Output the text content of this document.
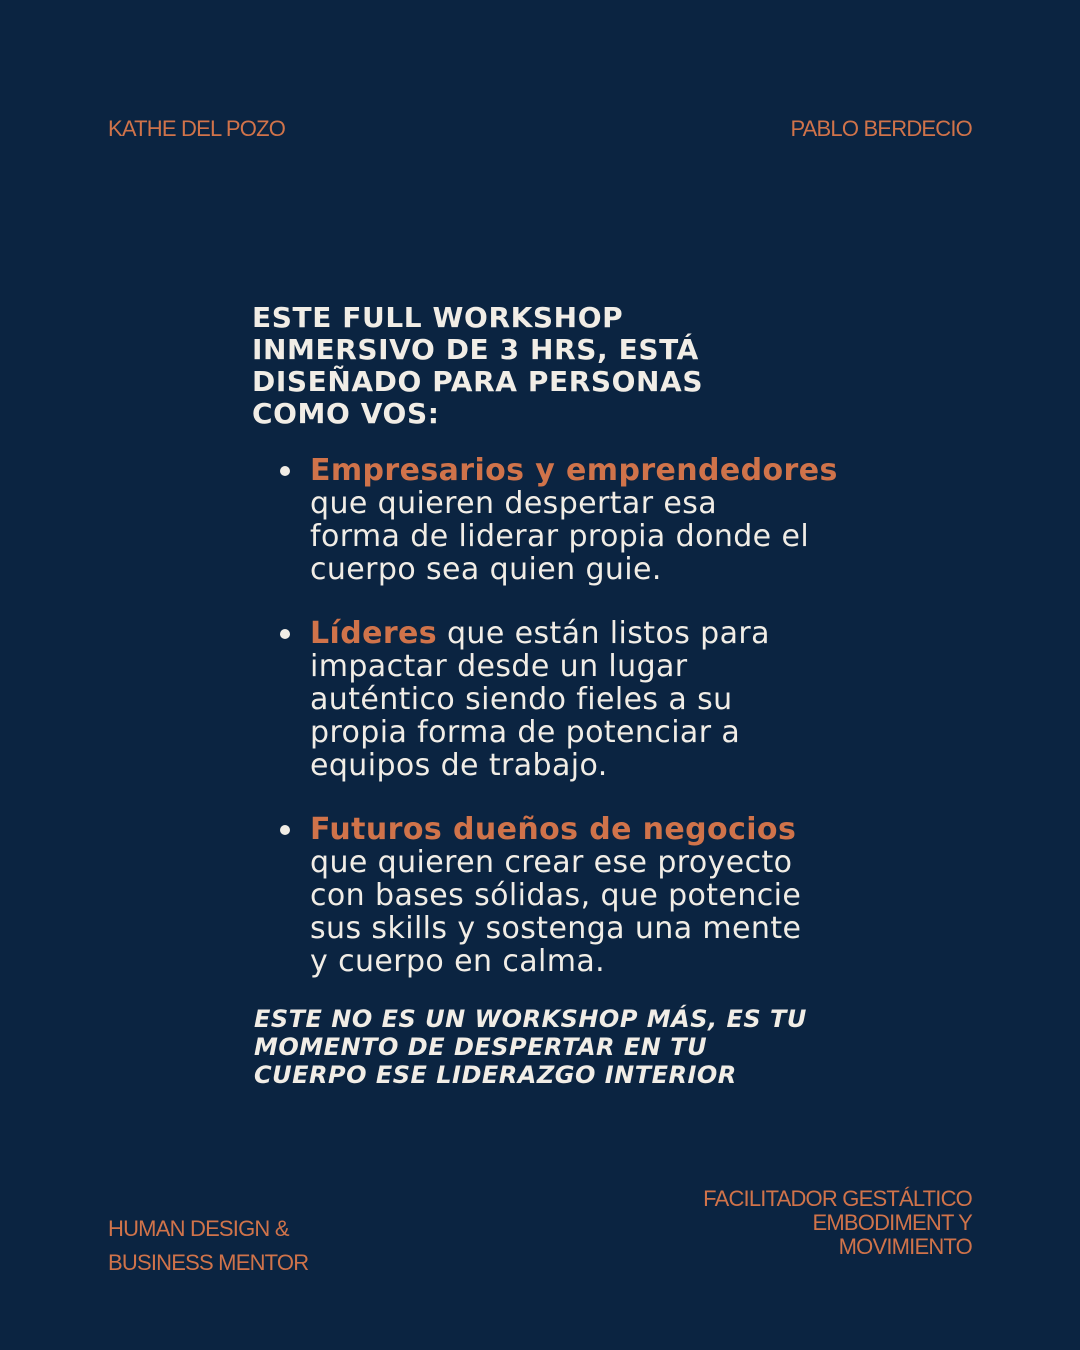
KATHE DEL POZO	PABLO BERDECIO
ESTE FULL WORKSHOP
INMERSIVO DE 3 HRS, ESTÁ
DISEÑADO PARA PERSONAS
COMO VOS:
Empresarios y emprendedores
que quieren despertar esa
forma de liderar propia donde el
cuerpo sea quien guie.
Líderes que están listos para
impactar desde un lugar
auténtico siendo fieles a su
propia forma de potenciar a
equipos de trabajo.
Futuros dueños de negocios
que quieren crear ese proyecto
con bases sólidas, que potencie
sus skills y sostenga una mente
y cuerpo en calma.
ESTE NO ES UN WORKSHOP MÁS, ES TU
MOMENTO DE DESPERTAR EN TU
CUERPO ESE LIDERAZGO INTERIOR
HUMAN DESIGN &
BUSINESS MENTOR
FACILITADOR GESTÁLTICO
EMBODIMENT Y
MOVIMIENTO
